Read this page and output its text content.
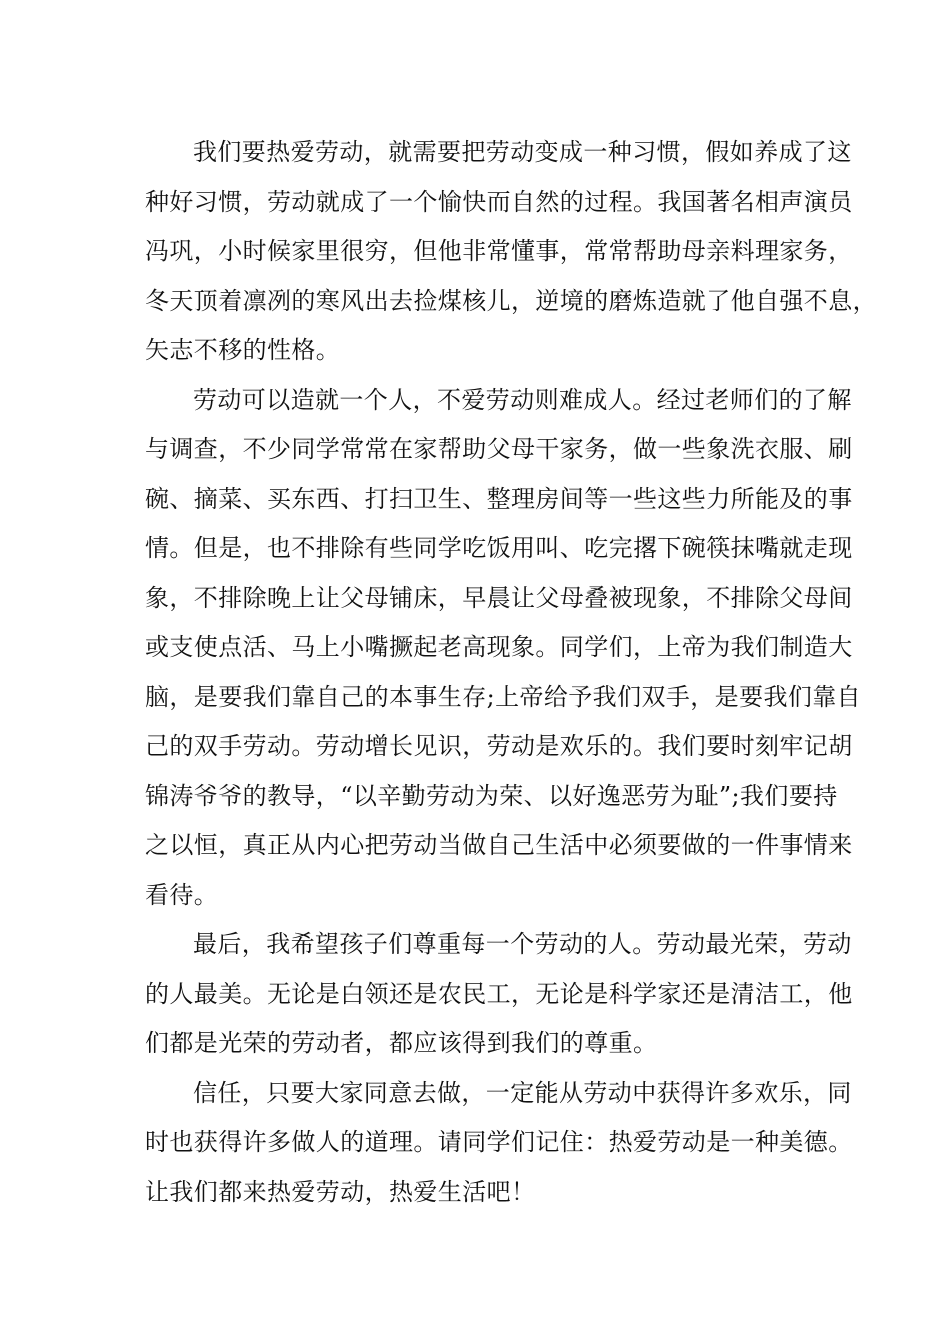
我们要热爱劳动，就需要把劳动变成一种习惯，假如养成了这
种好习惯，劳动就成了一个愉快而自然的过程。我国著名相声演员
冯巩，小时候家里很穷，但他非常懂事，常常帮助母亲料理家务，
冬天顶着凛冽的寒风出去捡煤核儿，逆境的磨炼造就了他自强不息，
矢志不移的性格。
劳动可以造就一个人，不爱劳动则难成人。经过老师们的了解
与调查，不少同学常常在家帮助父母干家务，做一些象洗衣服、刷
碗、摘菜、买东西、打扫卫生、整理房间等一些这些力所能及的事
情。但是，也不排除有些同学吃饭用叫、吃完撂下碗筷抹嘴就走现
象，不排除晚上让父母铺床，早晨让父母叠被现象，不排除父母间
或支使点活、马上小嘴撅起老高现象。同学们，上帝为我们制造大
脑，是要我们靠自己的本事生存;上帝给予我们双手，是要我们靠自
己的双手劳动。劳动增长见识，劳动是欢乐的。我们要时刻牢记胡
锦涛爷爷的教导，“以辛勤劳动为荣、以好逸恶劳为耻”;我们要持
之以恒，真正从内心把劳动当做自己生活中必须要做的一件事情来
看待。
最后，我希望孩子们尊重每一个劳动的人。劳动最光荣，劳动
的人最美。无论是白领还是农民工，无论是科学家还是清洁工，他
们都是光荣的劳动者，都应该得到我们的尊重。
信任，只要大家同意去做，一定能从劳动中获得许多欢乐，同
时也获得许多做人的道理。请同学们记住：热爱劳动是一种美德。
让我们都来热爱劳动，热爱生活吧！
